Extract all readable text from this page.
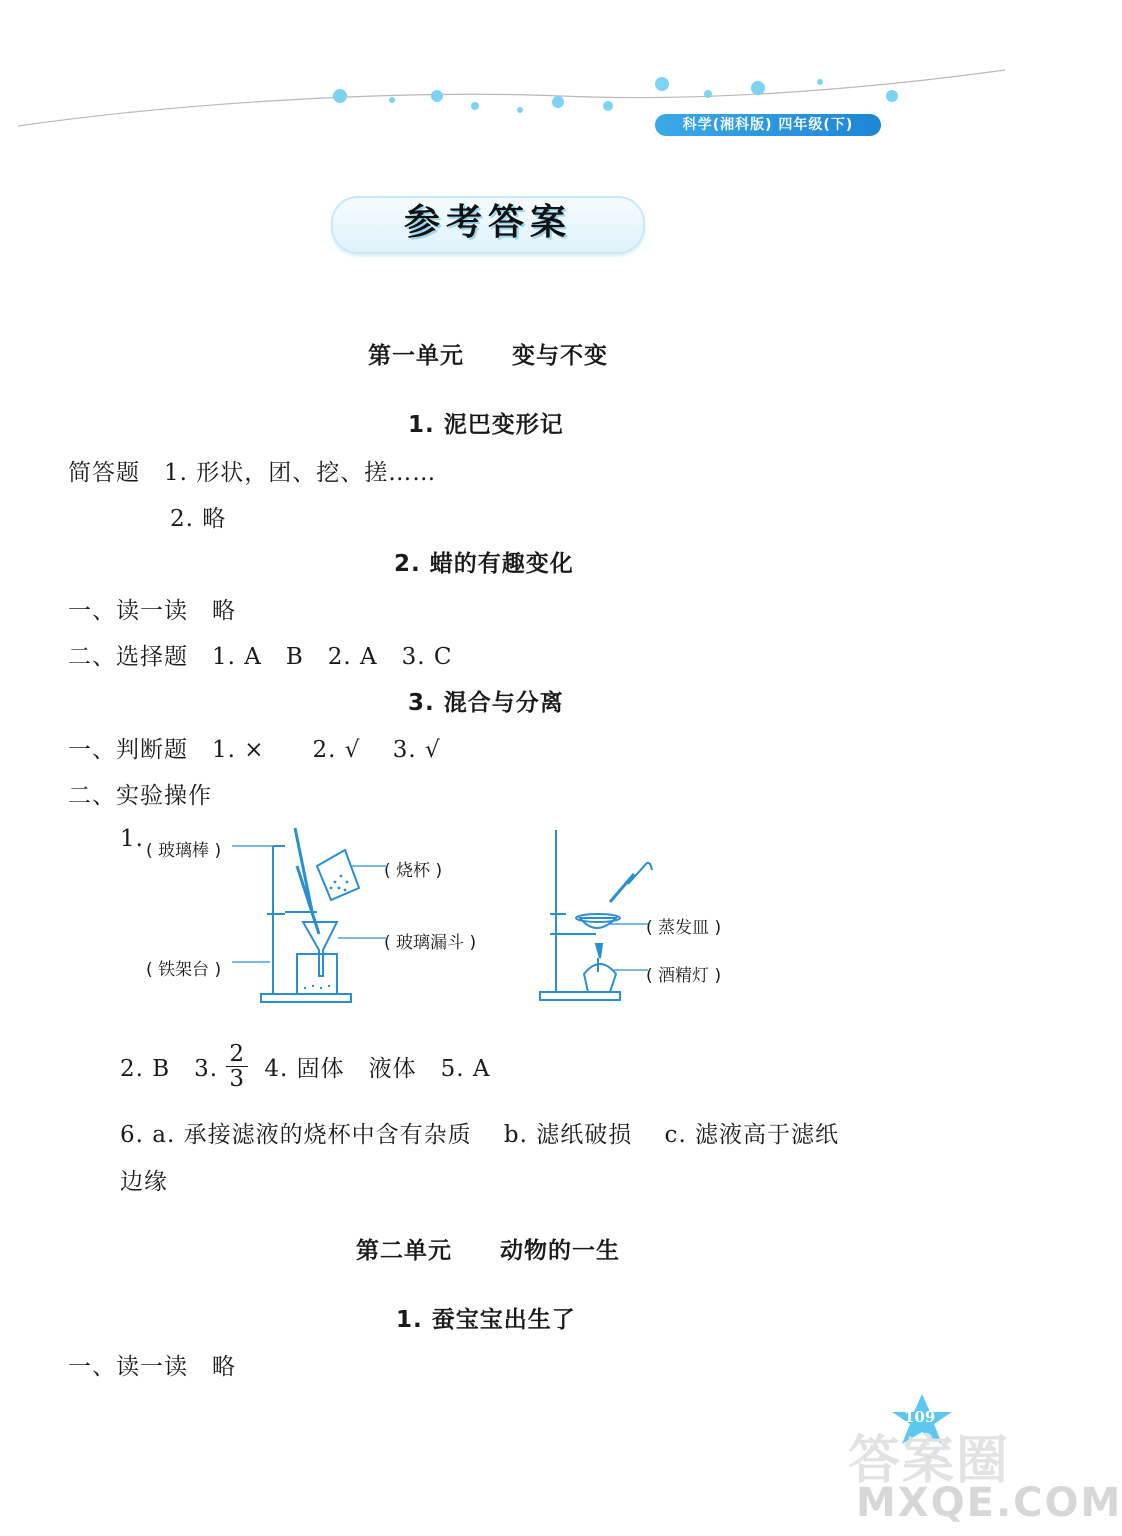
科学(湘科版) 四年级(下)
参考答案
第一单元　　变与不变
1. 泥巴变形记
简答题　1. 形状，团、挖、搓……
2. 略
2. 蜡的有趣变化
一、读一读　略
二、选择题　1. A　B　2. A　3. C
3. 混合与分离
一、判断题　1. ×　　2. √　 3. √
二、实验操作
1. ( 玻璃棒 )
( 烧杯 )
( 玻璃漏斗 )
( 铁架台 )
( 蒸发皿 )
( 酒精灯 )
2. B　3. $\frac{2}{3} 4$. 固体　液体　5. A
6. a. 承接滤液的烧杯中含有杂质　 b. 滤纸破损　 c. 滤液高于滤纸
边缘
第二单元　　动物的一生
1. 蚕宝宝出生了
一、读一读　略
109
答案圈
MXQE.COM
